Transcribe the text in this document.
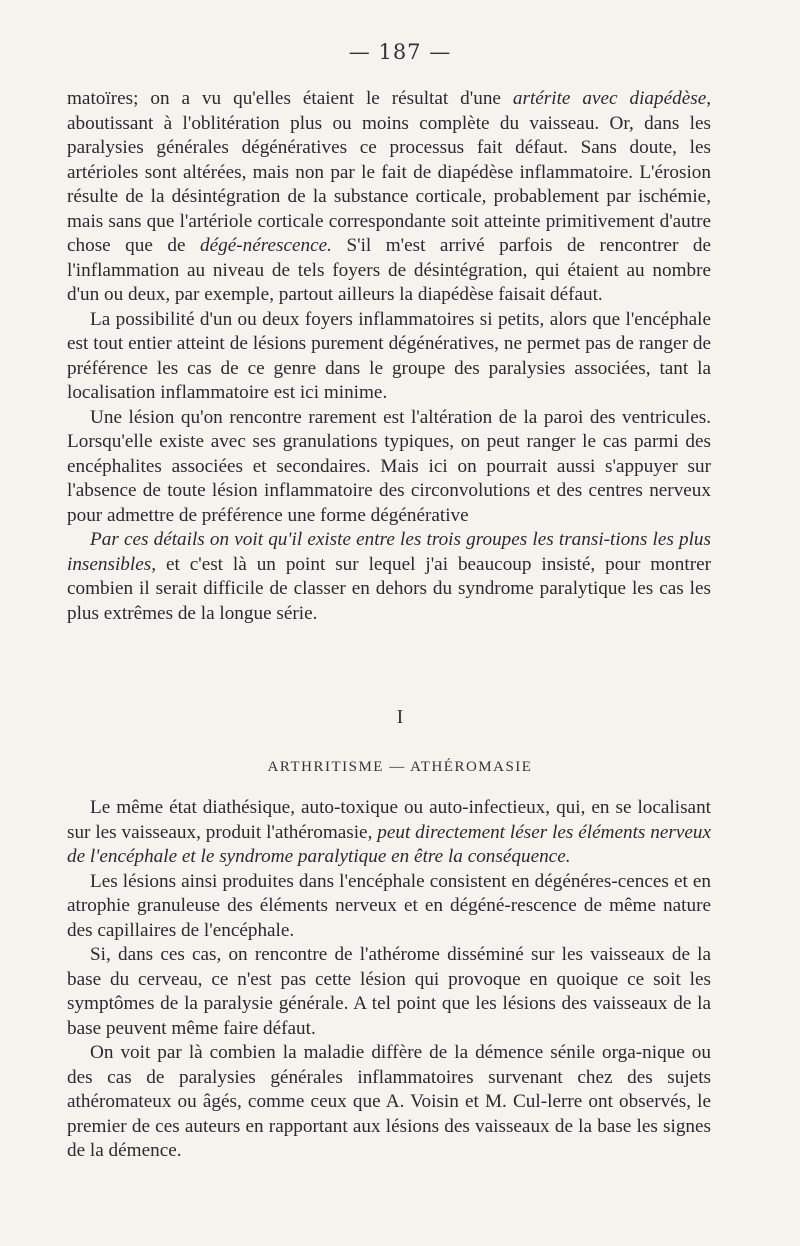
— 187 —

matoïres; on a vu qu'elles étaient le résultat d'une artérite avec diapédèse, aboutissant à l'oblitération plus ou moins complète du vaisseau. Or, dans les paralysies générales dégénératives ce processus fait défaut. Sans doute, les artérioles sont altérées, mais non par le fait de diapédèse inflammatoire. L'érosion résulte de la désintégration de la substance corticale, probablement par ischémie, mais sans que l'artériole corticale correspondante soit atteinte primitivement d'autre chose que de dégé-nérescence. S'il m'est arrivé parfois de rencontrer de l'inflammation au niveau de tels foyers de désintégration, qui étaient au nombre d'un ou deux, par exemple, partout ailleurs la diapédèse faisait défaut.

La possibilité d'un ou deux foyers inflammatoires si petits, alors que l'encéphale est tout entier atteint de lésions purement dégénératives, ne permet pas de ranger de préférence les cas de ce genre dans le groupe des paralysies associées, tant la localisation inflammatoire est ici minime.

Une lésion qu'on rencontre rarement est l'altération de la paroi des ventricules. Lorsqu'elle existe avec ses granulations typiques, on peut ranger le cas parmi des encéphalites associées et secondaires. Mais ici on pourrait aussi s'appuyer sur l'absence de toute lésion inflammatoire des circonvolutions et des centres nerveux pour admettre de préférence une forme dégénérative

Par ces détails on voit qu'il existe entre les trois groupes les transi-tions les plus insensibles, et c'est là un point sur lequel j'ai beaucoup insisté, pour montrer combien il serait difficile de classer en dehors du syndrome paralytique les cas les plus extrêmes de la longue série.

I
ARTHRITISME — ATHÉROMASIE

Le même état diathésique, auto-toxique ou auto-infectieux, qui, en se localisant sur les vaisseaux, produit l'athéromasie, peut directement léser les éléments nerveux de l'encéphale et le syndrome paralytique en être la conséquence.

Les lésions ainsi produites dans l'encéphale consistent en dégénéres-cences et en atrophie granuleuse des éléments nerveux et en dégéné-rescence de même nature des capillaires de l'encéphale.

Si, dans ces cas, on rencontre de l'athérome disséminé sur les vaisseaux de la base du cerveau, ce n'est pas cette lésion qui provoque en quoique ce soit les symptômes de la paralysie générale. A tel point que les lésions des vaisseaux de la base peuvent même faire défaut.

On voit par là combien la maladie diffère de la démence sénile orga-nique ou des cas de paralysies générales inflammatoires survenant chez des sujets athéromateux ou âgés, comme ceux que A. Voisin et M. Cul-lerre ont observés, le premier de ces auteurs en rapportant aux lésions des vaisseaux de la base les signes de la démence.
